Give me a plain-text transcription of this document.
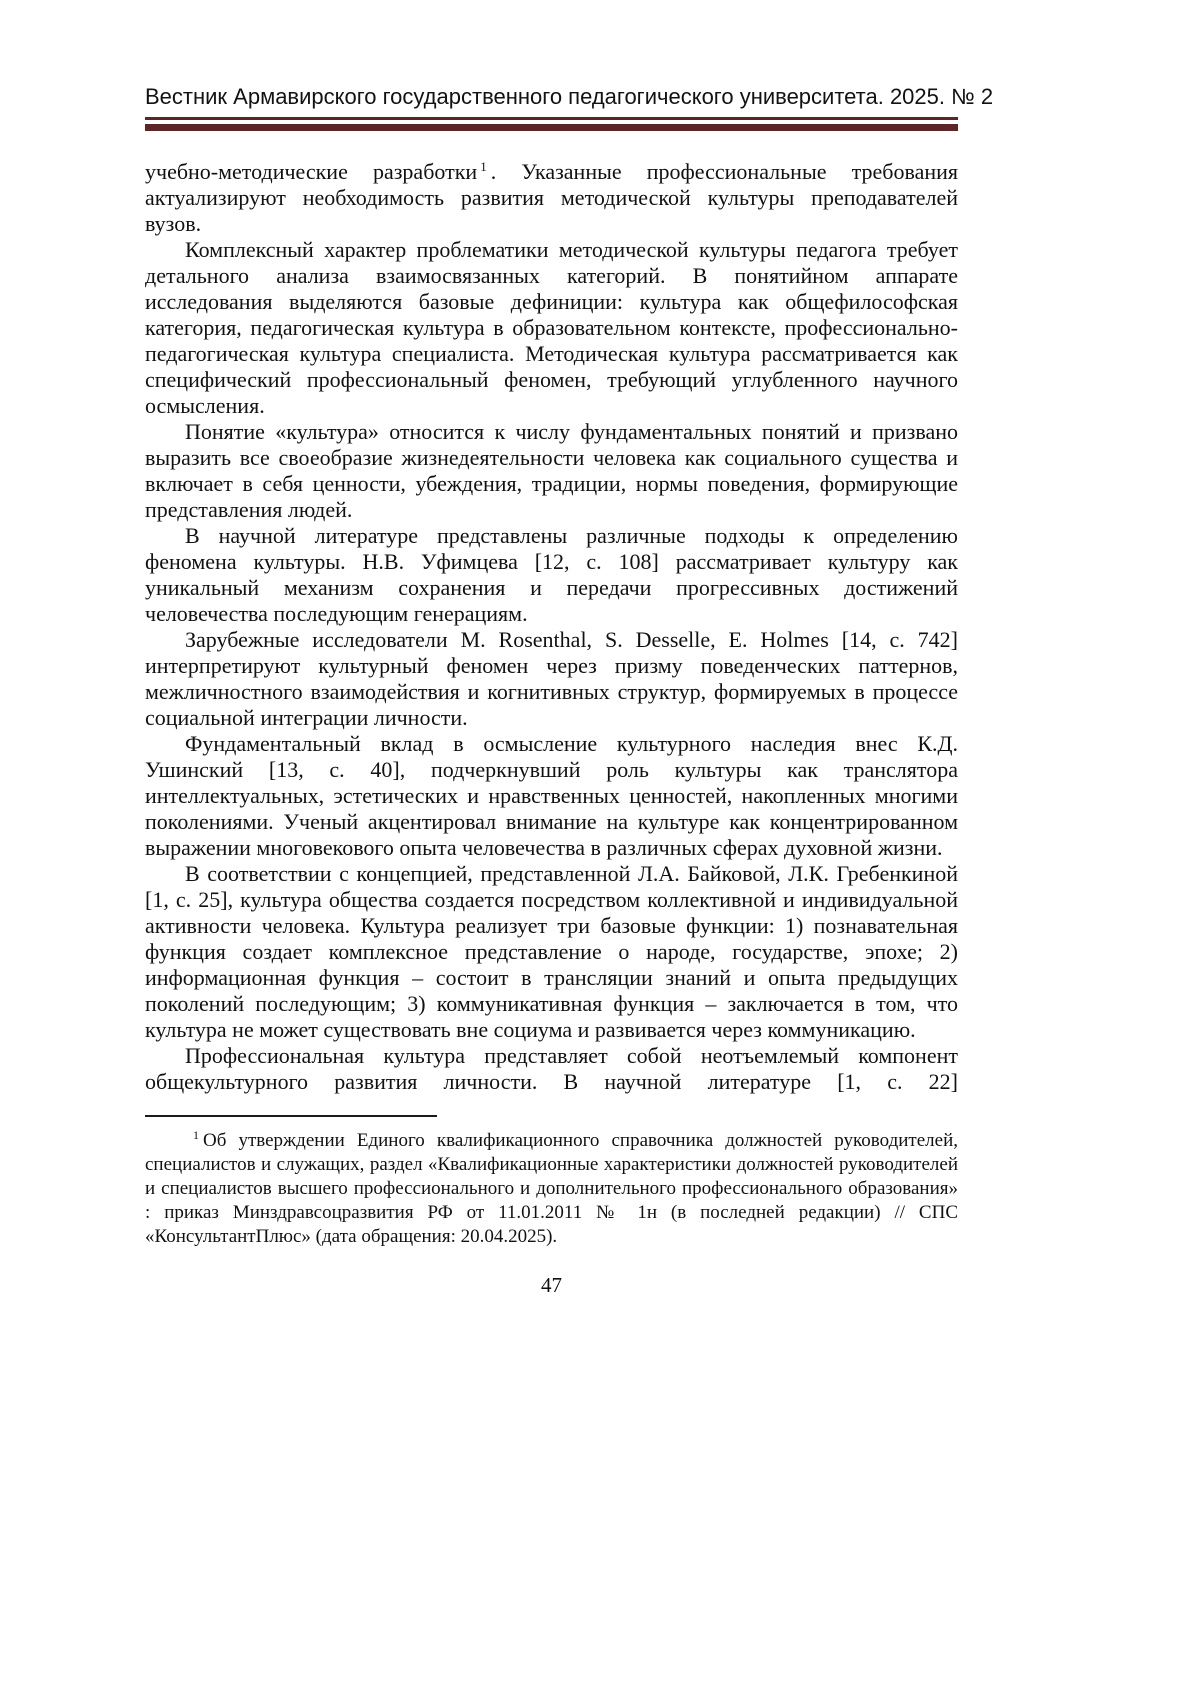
Вестник Армавирского государственного педагогического университета. 2025. № 2

учебно-методические разработки $^1$ . Указанные профессиональные требования актуализируют необходимость развития методической культуры преподавателей вузов.

Комплексный характер проблематики методической культуры педагога требует детального анализа взаимосвязанных категорий. В понятийном аппарате исследования выделяются базовые дефиниции: культура как общефилософская категория, педагогическая культура в образовательном контексте, профессионально-педагогическая культура специалиста. Методическая культура рассматривается как специфический профессиональный феномен, требующий углубленного научного осмысления.

Понятие «культура» относится к числу фундаментальных понятий и призвано выразить все своеобразие жизнедеятельности человека как социального существа и включает в себя ценности, убеждения, традиции, нормы поведения, формирующие представления людей.

В научной литературе представлены различные подходы к определению феномена культуры. Н.В. Уфимцева [12, с. 108] рассматривает культуру как уникальный механизм сохранения и передачи прогрессивных достижений человечества последующим генерациям.

Зарубежные исследователи M. Rosenthal, S. Desselle, E. Holmes [14, с. 742] интерпретируют культурный феномен через призму поведенческих паттернов, межличностного взаимодействия и когнитивных структур, формируемых в процессе социальной интеграции личности.

Фундаментальный вклад в осмысление культурного наследия внес К.Д. Ушинский [13, с. 40], подчеркнувший роль культуры как транслятора интеллектуальных, эстетических и нравственных ценностей, накопленных многими поколениями. Ученый акцентировал внимание на культуре как концентрированном выражении многовекового опыта человечества в различных сферах духовной жизни.

В соответствии с концепцией, представленной Л.А. Байковой, Л.К. Гребенкиной [1, с. 25], культура общества создается посредством коллективной и индивидуальной активности человека. Культура реализует три базовые функции: 1) познавательная функция создает комплексное представление о народе, государстве, эпохе; 2) информационная функция – состоит в трансляции знаний и опыта предыдущих поколений последующим; 3) коммуникативная функция – заключается в том, что культура не может существовать вне социума и развивается через коммуникацию.

Профессиональная культура представляет собой неотъемлемый компонент общекультурного развития личности. В научной литературе [1, с. 22]

$^1$ Об утверждении Единого квалификационного справочника должностей руководителей, специалистов и служащих, раздел «Квалификационные характеристики должностей руководителей и специалистов высшего профессионального и дополнительного профессионального образования» : приказ Минздравсоцразвития РФ от 11.01.2011 № 1н (в последней редакции) // СПС «КонсультантПлюс» (дата обращения: 20.04.2025).

47
